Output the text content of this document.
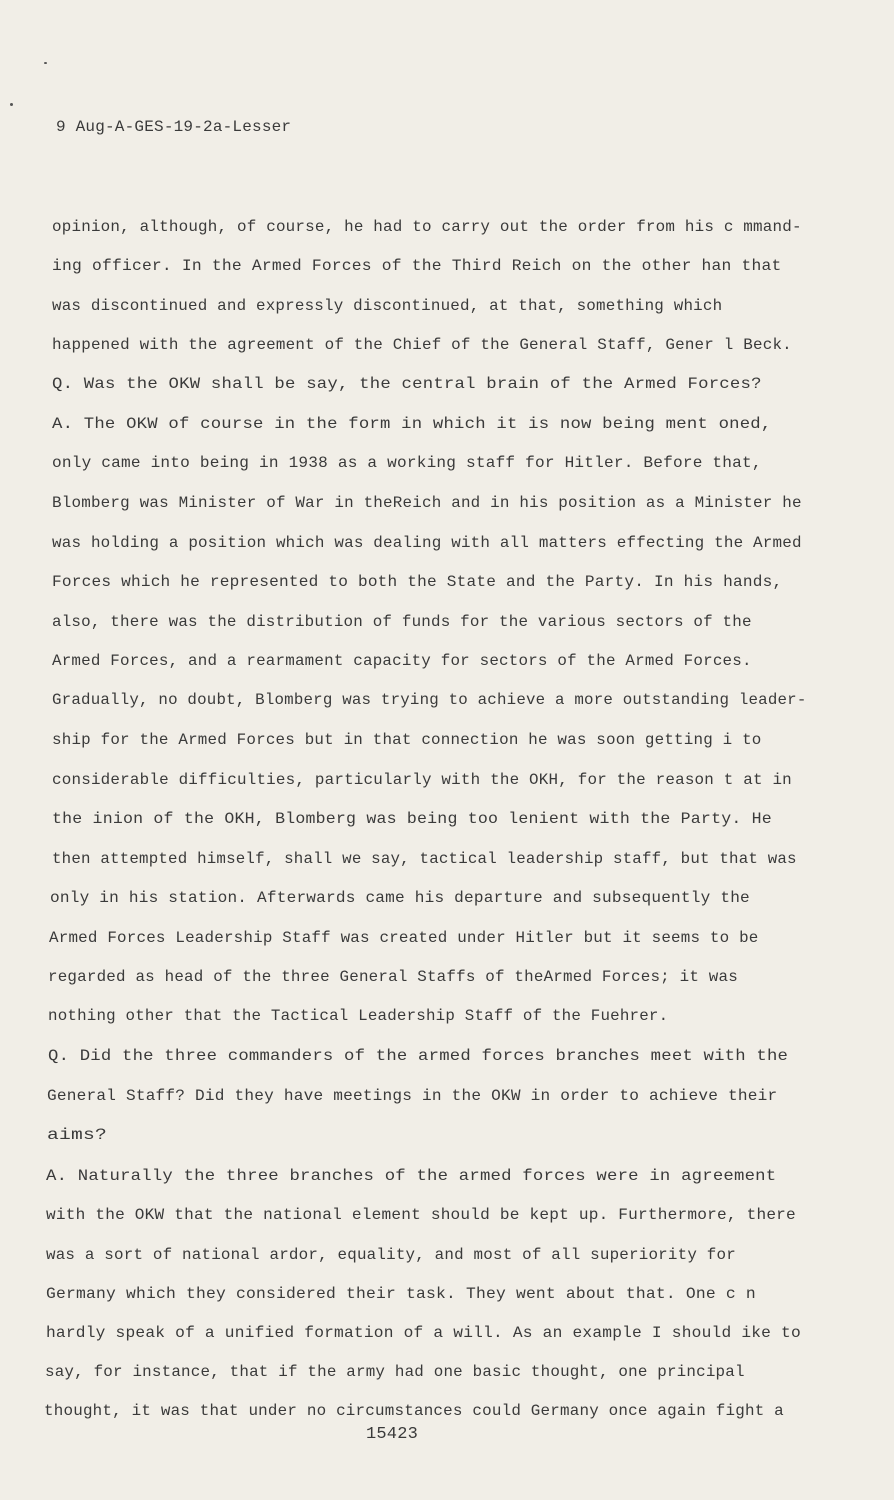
9 Aug-A-GES-19-2a-Lesser
opinion, although, of course, he had to carry out the order from his c mmand-
ing officer. In the Armed Forces of the Third Reich on the other han that
was discontinued and expressly discontinued, at that, something which
happened with the agreement of the Chief of the General Staff, Gener l Beck.
Q. Was the OKW shall be say, the central brain of the Armed Forces?
A. The OKW of course in the form in which it is now being ment oned,
only came into being in 1938 as a working staff for Hitler. Before that,
Blomberg was Minister of War in theReich and in his position as a Minister he
was holding a position which was dealing with all matters effecting the Armed
Forces which he represented to both the State and the Party. In his hands,
also, there was the distribution of funds for the various sectors of the
Armed Forces, and a rearmament capacity for sectors of the Armed Forces.
Gradually, no doubt, Blomberg was trying to achieve a more outstanding leader-
ship for the Armed Forces but in that connection he was soon getting i to
considerable difficulties, particularly with the OKH, for the reason t at in
the inion of the OKH, Blomberg was being too lenient with the Party. He
then attempted himself, shall we say, tactical leadership staff, but that was
only in his station. Afterwards came his departure and subsequently the
Armed Forces Leadership Staff was created under Hitler but it seems to be
regarded as head of the three General Staffs of theArmed Forces; it was
nothing other that the Tactical Leadership Staff of the Fuehrer.
Q. Did the three commanders of the armed forces branches meet with the
General Staff? Did they have meetings in the OKW in order to achieve their
aims?
A. Naturally the three branches of the armed forces were in agreement
with the OKW that the national element should be kept up. Furthermore, there
was a sort of national ardor, equality, and most of all superiority for
Germany which they considered their task. They went about that. One c n
hardly speak of a unified formation of a will. As an example I should ike to
say, for instance, that if the army had one basic thought, one principal
thought, it was that under no circumstances could Germany once again fight a
15423
